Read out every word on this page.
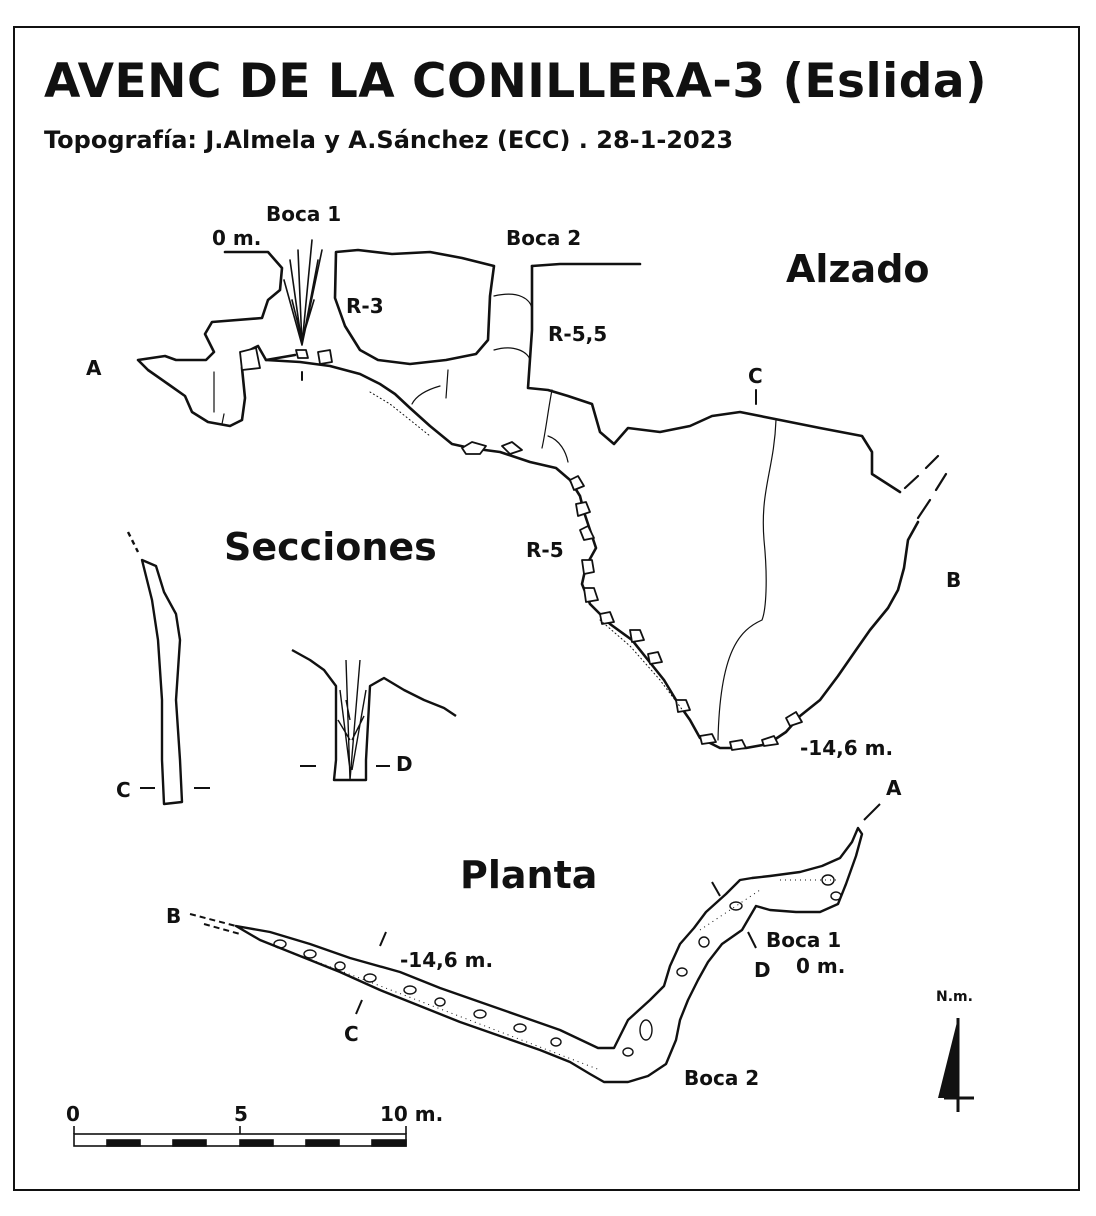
AVENC DE LA CONILLERA-3 (Eslida)
Topografía: J.Almela y A.Sánchez (ECC) . 28-1-2023
Alzado
Secciones
Planta
Boca 1
0 m.	Boca 2
R-3
R-5,5
R-5
A
B
C
-14,6 m.
C
D
A
B
C
D
-14,6 m.
Boca 1
0 m.
Boca 2
0	5	10 m.
N.m.
